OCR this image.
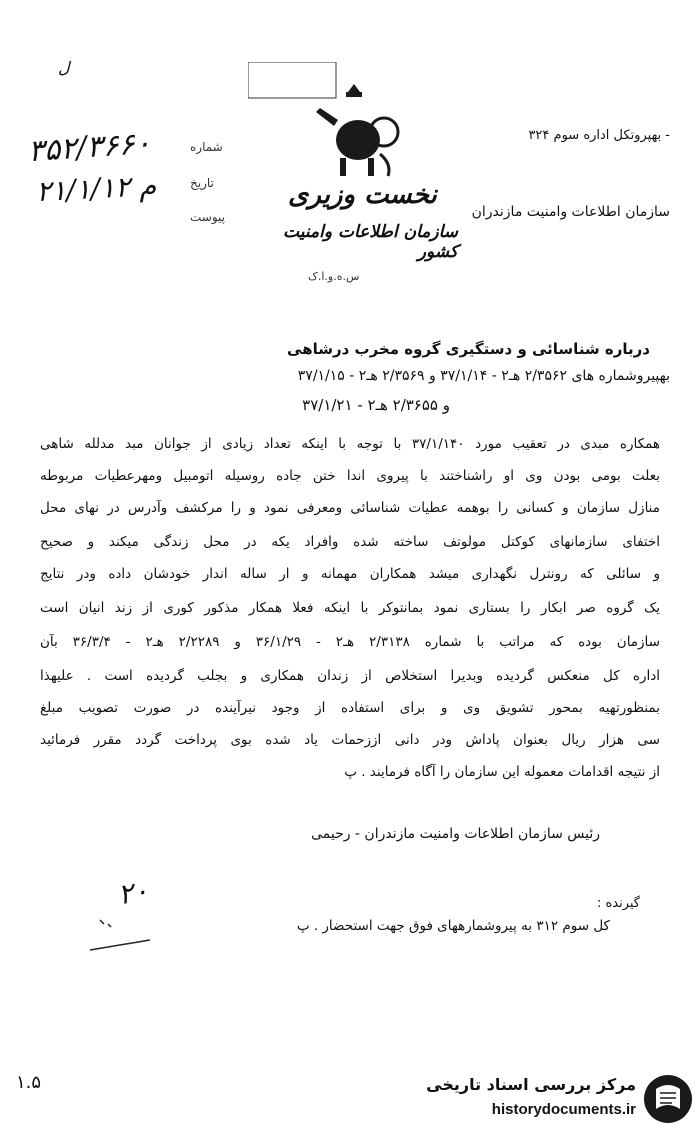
ل
۳۵۲/۳۶۶۰
۲۱/۱/۱۲ م
شماره
تاریخ
پیوست
نخست وزیری
سازمان اطلاعات وامنیت کشور
س.ه.و.ا.ک
- بهپروتکل اداره سوم ۳۲۴
سازمان اطلاعات وامنیت مازندران
درباره شناسائی و دستگیری گروه مخرب درشاهی
بهپیروشماره های ۲/۳۵۶۲ هـ۲ - ۳۷/۱/۱۴ و ۲/۳۵۶۹ هـ۲ - ۳۷/۱/۱۵
و ۲/۳۶۵۵ هـ۲ - ۳۷/۱/۲۱
همکاره مبدی در تعقیب مورد ۳۷/۱/۱۴۰ با توجه با اینکه تعداد زیادی از جوانان مبد مدلله شاهی
بعلت بومی بودن وی او راشناختند با پیروی اندا ختن جاده روسیله اتومبیل ومهرعطیات مربوطه
منازل سازمان و کسانی را بوهمه عطیات شناسائی ومعرفی نمود و را مرکشف وآدرس در نهای محل
اختفای سازمانهای کوکتل مولوتف ساخته شده وافراد یکه در محل زندگی میکند و صحیح
و سائلی که رونترل نگهداری میشد همکاران مهمانه و ار ساله اندار خودشان داده ودر نتایج
یک گروه صر ابکار را بستاری نمود بمانتوکر با اینکه فعلا همکار مذکور کوری از زند انیان است
سازمان بوده که مراتب با شماره ۲/۳۱۳۸ هـ۲ - ۳۶/۱/۲۹ و ۲/۲۲۸۹ هـ۲ - ۳۶/۳/۴ بآن
اداره کل منعکس گردیده وبدیرا استخلاص از زندان همکاری و بجلب گردیده است . علیهذا
بمنظورتهیه بمحور تشویق وی و برای استفاده از وجود نیرآینده در صورت تصویب مبلغ
سی هزار ریال بعنوان پاداش ودر دانی اززحمات یاد شده بوی پرداخت گردد مقرر فرمائید
از نتیجه اقدامات معموله این سازمان را آگاه فرمایند . پ
رئیس سازمان اطلاعات وامنیت مازندران - رحیمی
۲۰	گیرنده :
کل سوم ۳۱۲ به پیروشمارههای فوق جهت استحضار . پ
۱.۵	مرکز بررسی اسناد تاریخی
historydocuments.ir
